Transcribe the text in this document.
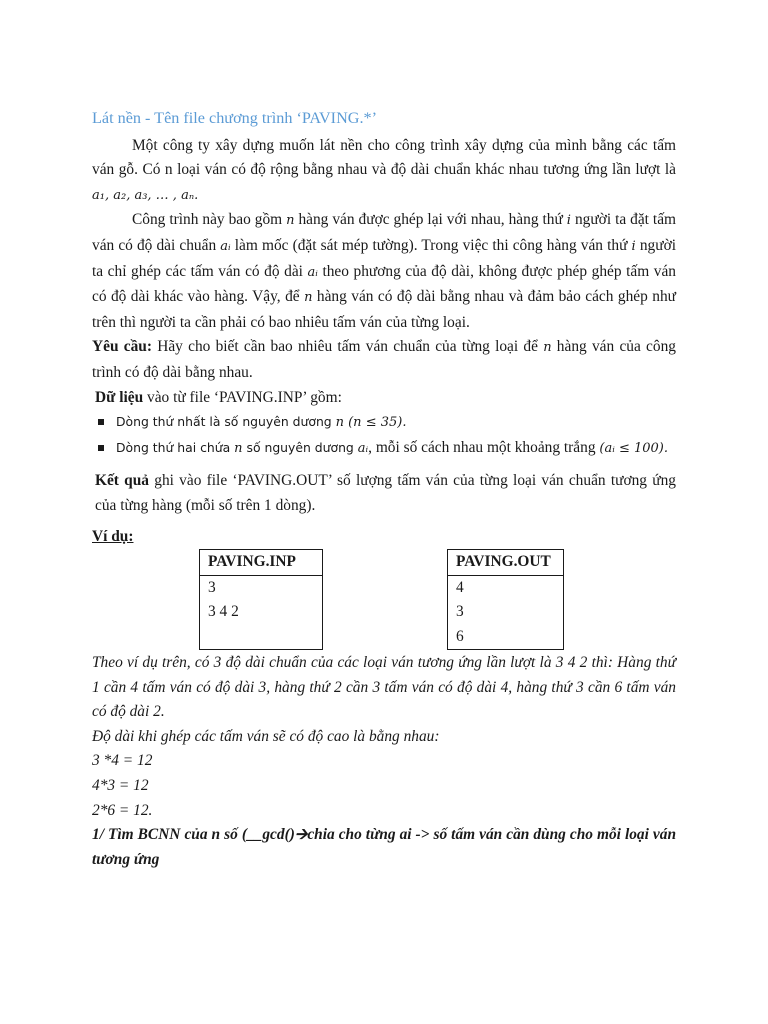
Lát nền - Tên file chương trình ‘PAVING.*’

Một công ty xây dựng muốn lát nền cho công trình xây dựng của mình bằng các tấm ván gỗ. Có n loại ván có độ rộng bằng nhau và độ dài chuẩn khác nhau tương ứng lần lượt là a₁, a₂, a₃, … , aₙ.

Công trình này bao gồm n hàng ván được ghép lại với nhau, hàng thứ i người ta đặt tấm ván có độ dài chuẩn aᵢ làm mốc (đặt sát mép tường). Trong việc thi công hàng ván thứ i người ta chỉ ghép các tấm ván có độ dài aᵢ theo phương của độ dài, không được phép ghép tấm ván có độ dài khác vào hàng. Vậy, để n hàng ván có độ dài bằng nhau và đảm bảo cách ghép như trên thì người ta cần phải có bao nhiêu tấm ván của từng loại.

Yêu cầu: Hãy cho biết cần bao nhiêu tấm ván chuẩn của từng loại để n hàng ván của công trình có độ dài bằng nhau.

Dữ liệu vào từ file ‘PAVING.INP’ gồm:

Dòng thứ nhất là số nguyên dương n (n ≤ 35).

Dòng thứ hai chứa n số nguyên dương aᵢ, mỗi số cách nhau một khoảng trắng (aᵢ ≤ 100).

Kết quả ghi vào file ‘PAVING.OUT’ số lượng tấm ván của từng loại ván chuẩn tương ứng của từng hàng (mỗi số trên 1 dòng).

Ví dụ:
PAVING.INP
3
3 4 2

PAVING.OUT
4
3
6

Theo ví dụ trên, có 3 độ dài chuẩn của các loại ván tương ứng lần lượt là 3 4 2 thì: Hàng thứ 1 cần 4 tấm ván có độ dài 3, hàng thứ 2 cần 3 tấm ván có độ dài 4, hàng thứ 3 cần 6 tấm ván có độ dài 2.

Độ dài khi ghép các tấm ván sẽ có độ cao là bằng nhau:

3 *4 = 12

4*3 = 12

2*6 = 12.

1/ Tìm BCNN của n số (__gcd()🡪chia cho từng ai -> số tấm ván cần dùng cho mỗi loại ván tương ứng
